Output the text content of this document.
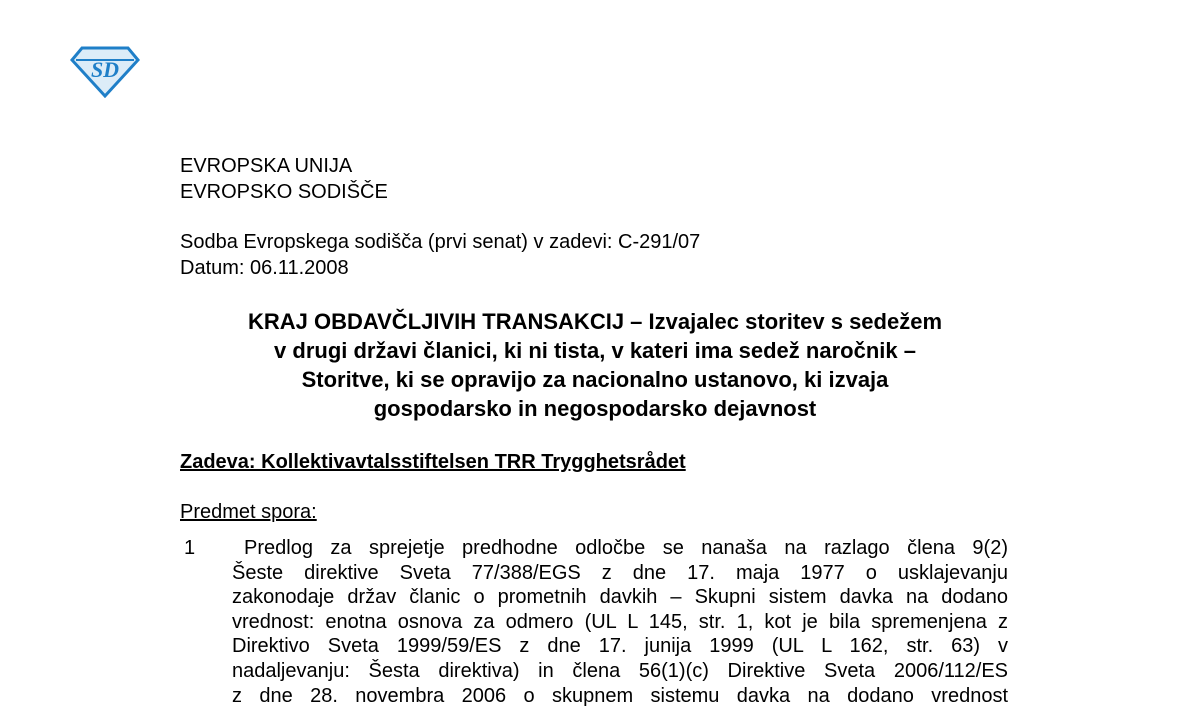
SD
EVROPSKA UNIJA
EVROPSKO SODIŠČE
Sodba Evropskega sodišča (prvi senat) v zadevi: C-291/07
Datum: 06.11.2008
KRAJ OBDAVČLJIVIH TRANSAKCIJ – Izvajalec storitev s sedežem
v drugi državi članici, ki ni tista, v kateri ima sedež naročnik –
Storitve, ki se opravijo za nacionalno ustanovo, ki izvaja
gospodarsko in negospodarsko dejavnost
Zadeva: Kollektivavtalsstiftelsen TRR Trygghetsrådet
Predmet spora:
1	Predlog za sprejetje predhodne odločbe se nanaša na razlago člena 9(2)
Šeste direktive Sveta 77/388/EGS z dne 17. maja 1977 o usklajevanju
zakonodaje držav članic o prometnih davkih – Skupni sistem davka na dodano
vrednost: enotna osnova za odmero (UL L 145, str. 1, kot je bila spremenjena z
Direktivo Sveta 1999/59/ES z dne 17. junija 1999 (UL L 162, str. 63) v
nadaljevanju: Šesta direktiva) in člena 56(1)(c) Direktive Sveta 2006/112/ES
z dne 28. novembra 2006 o skupnem sistemu davka na dodano vrednost
